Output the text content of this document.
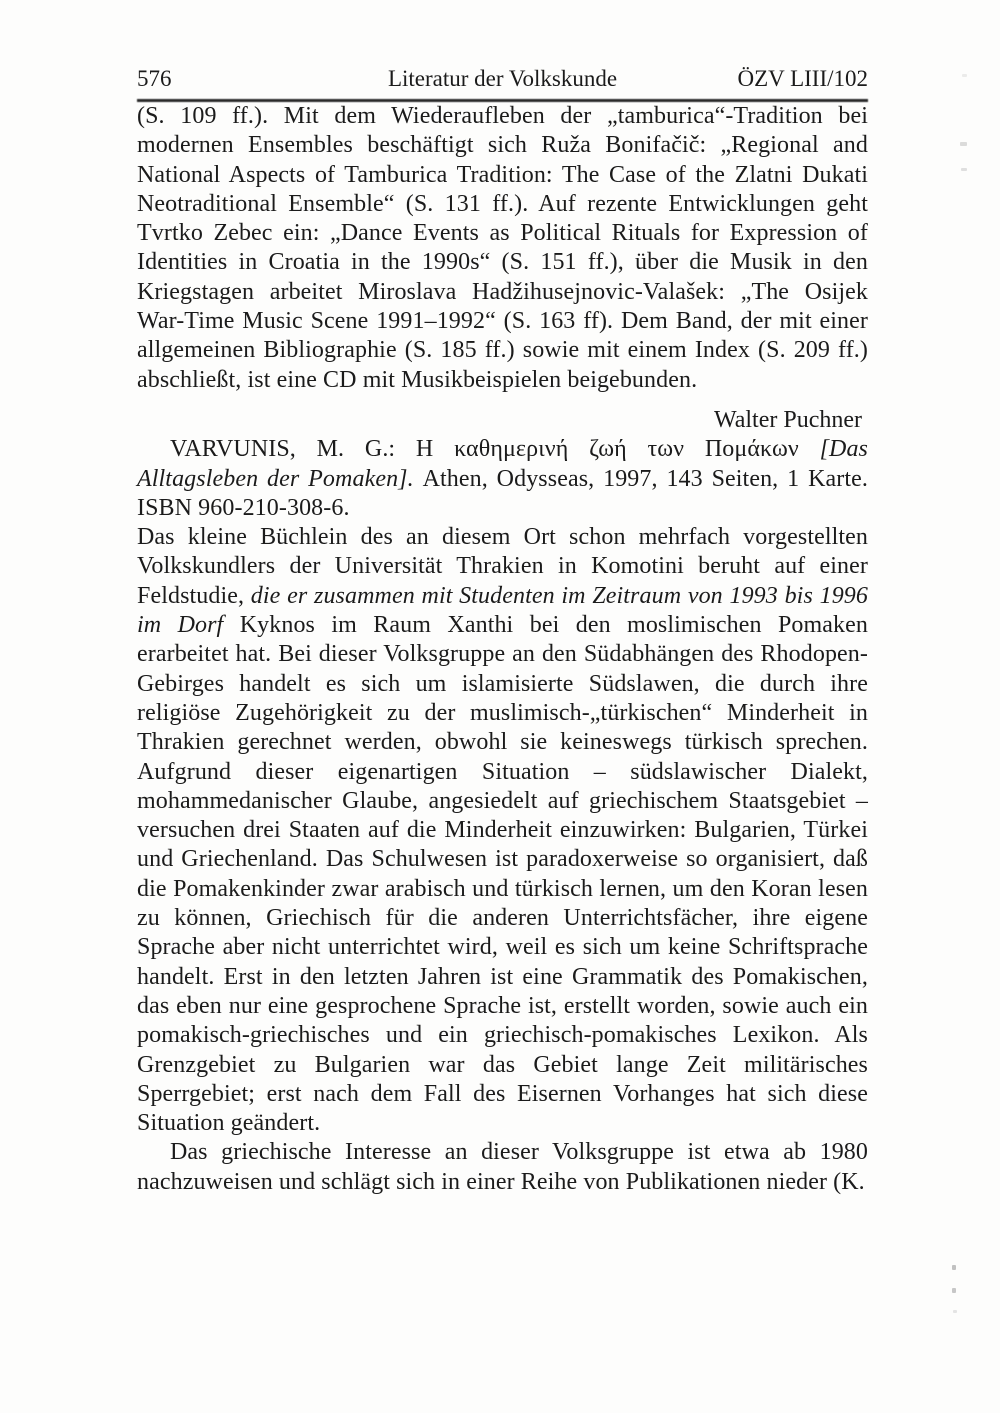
576	Literatur der Volkskunde	ÖZV LIII/102

(S. 109 ff.). Mit dem Wiederaufleben der „tamburica“-Tradition bei modernen Ensembles beschäftigt sich Ruža Bonifačič: „Regional and National Aspects of Tamburica Tradition: The Case of the Zlatni Dukati Neotraditional Ensemble“ (S. 131 ff.). Auf rezente Entwicklungen geht Tvrtko Zebec ein: „Dance Events as Political Rituals for Expression of Identities in Croatia in the 1990s“ (S. 151 ff.), über die Musik in den Kriegstagen arbeitet Miroslava Hadžihusejnovic-Valašek: „The Osijek War-Time Music Scene 1991–1992“ (S. 163 ff). Dem Band, der mit einer allgemeinen Bibliographie (S. 185 ff.) sowie mit einem Index (S. 209 ff.) abschließt, ist eine CD mit Musikbeispielen beigebunden.

Walter Puchner

VARVUNIS, M. G.: Η καθημερινή ζωή των Πομάκων [Das Alltagsleben der Pomaken]. Athen, Odysseas, 1997, 143 Seiten, 1 Karte. ISBN 960-210-308-6.

Das kleine Büchlein des an diesem Ort schon mehrfach vorgestellten Volkskundlers der Universität Thrakien in Komotini beruht auf einer Feldstudie, die er zusammen mit Studenten im Zeitraum von 1993 bis 1996 im Dorf Kyknos im Raum Xanthi bei den moslimischen Pomaken erarbeitet hat. Bei dieser Volksgruppe an den Südabhängen des Rhodopen-Gebirges handelt es sich um islamisierte Südslawen, die durch ihre religiöse Zugehörigkeit zu der muslimisch-„türkischen“ Minderheit in Thrakien gerechnet werden, obwohl sie keineswegs türkisch sprechen. Aufgrund dieser eigenartigen Situation – südslawischer Dialekt, mohammedanischer Glaube, angesiedelt auf griechischem Staatsgebiet – versuchen drei Staaten auf die Minderheit einzuwirken: Bulgarien, Türkei und Griechenland. Das Schulwesen ist paradoxerweise so organisiert, daß die Pomakenkinder zwar arabisch und türkisch lernen, um den Koran lesen zu können, Griechisch für die anderen Unterrichtsfächer, ihre eigene Sprache aber nicht unterrichtet wird, weil es sich um keine Schriftsprache handelt. Erst in den letzten Jahren ist eine Grammatik des Pomakischen, das eben nur eine gesprochene Sprache ist, erstellt worden, sowie auch ein pomakisch-griechisches und ein griechisch-pomakisches Lexikon. Als Grenzgebiet zu Bulgarien war das Gebiet lange Zeit militärisches Sperrgebiet; erst nach dem Fall des Eisernen Vorhanges hat sich diese Situation geändert.

Das griechische Interesse an dieser Volksgruppe ist etwa ab 1980 nachzuweisen und schlägt sich in einer Reihe von Publikationen nieder (K.
